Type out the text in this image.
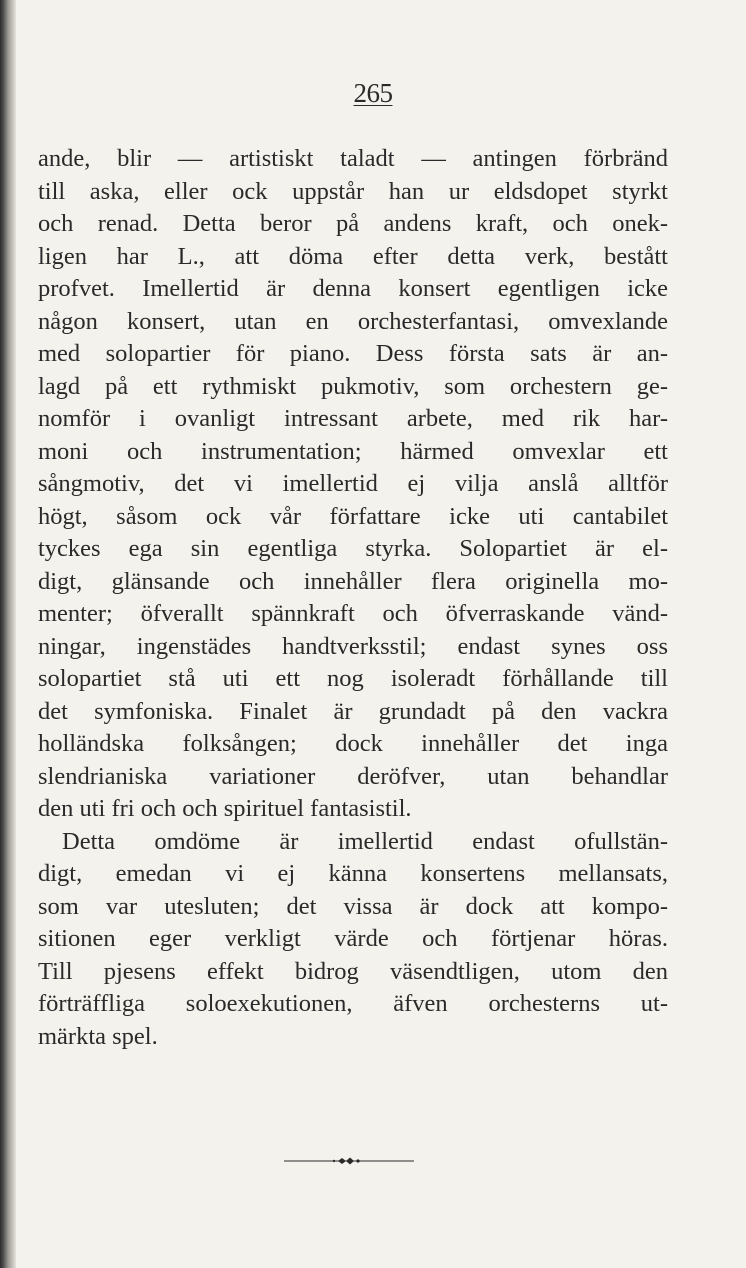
265
ande, blir — artistiskt taladt — antingen förbränd
till aska, eller ock uppstår han ur eldsdopet styrkt
och renad. Detta beror på andens kraft, och onek-
ligen har L., att döma efter detta verk, bestått
profvet. Imellertid är denna konsert egentligen icke
någon konsert, utan en orchesterfantasi, omvexlande
med solopartier för piano. Dess första sats är an-
lagd på ett rythmiskt pukmotiv, som orchestern ge-
nomför i ovanligt intressant arbete, med rik har-
moni och instrumentation; härmed omvexlar ett
sångmotiv, det vi imellertid ej vilja anslå alltför
högt, såsom ock vår författare icke uti cantabilet
tyckes ega sin egentliga styrka. Solopartiet är el-
digt, glänsande och innehåller flera originella mo-
menter; öfverallt spännkraft och öfverraskande vänd-
ningar, ingenstädes handtverksstil; endast synes oss
solopartiet stå uti ett nog isoleradt förhållande till
det symfoniska. Finalet är grundadt på den vackra
holländska folksången; dock innehåller det inga
slendrianiska variationer deröfver, utan behandlar
den uti fri och och spirituel fantasistil.
Detta omdöme är imellertid endast ofullstän-
digt, emedan vi ej känna konsertens mellansats,
som var utesluten; det vissa är dock att kompo-
sitionen eger verkligt värde och förtjenar höras.
Till pjesens effekt bidrog väsendtligen, utom den
förträffliga soloexekutionen, äfven orchesterns ut-
märkta spel.
